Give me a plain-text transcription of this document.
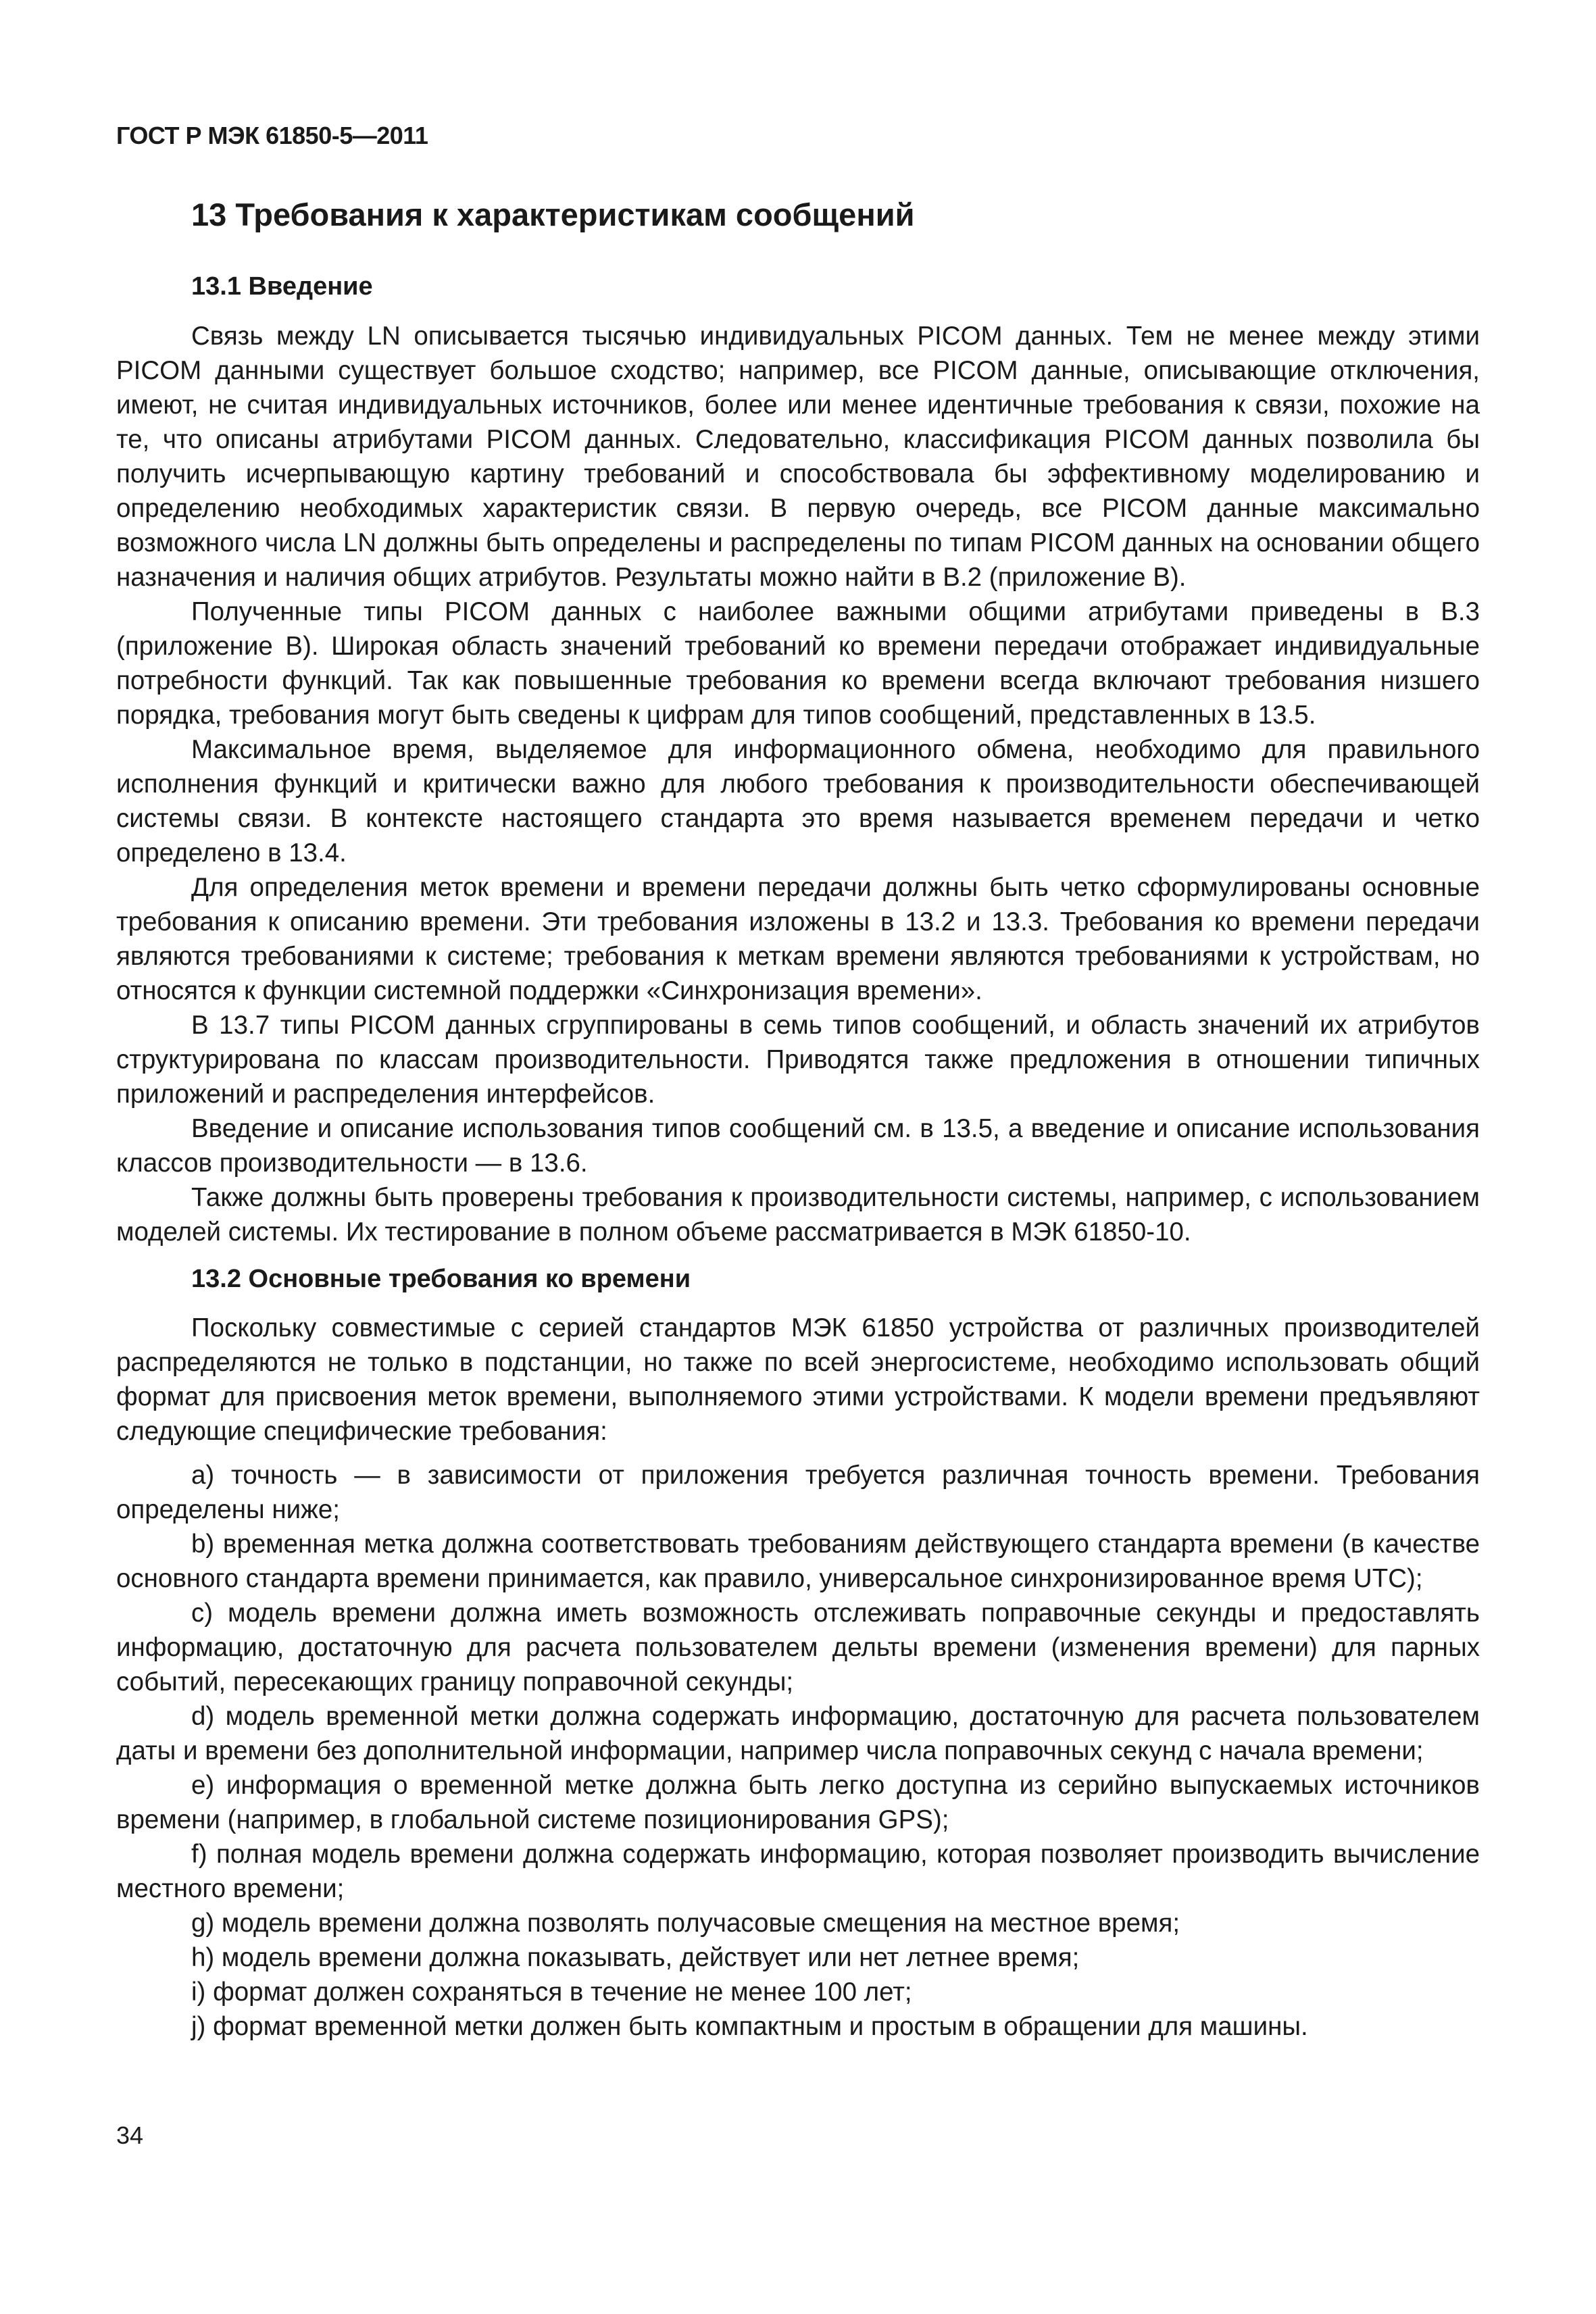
ГОСТ Р МЭК 61850-5—2011
13 Требования к характеристикам сообщений
13.1 Введение

Связь между LN описывается тысячью индивидуальных PICOM данных. Тем не менее между этими PICOM данными существует большое сходство; например, все PICOM данные, описывающие отключения, имеют, не считая индивидуальных источников, более или менее идентичные требования к связи, похожие на те, что описаны атрибутами PICOM данных. Следовательно, классификация PICOM данных позволила бы получить исчерпывающую картину требований и способствовала бы эффективному моделированию и определению необходимых характеристик связи. В первую очередь, все PICOM данные максимально возможного числа LN должны быть определены и распределены по типам PICOM данных на основании общего назначения и наличия общих атрибутов. Результаты можно найти в В.2 (приложение В).

Полученные типы PICOM данных с наиболее важными общими атрибутами приведены в В.3 (приложение В). Широкая область значений требований ко времени передачи отображает индивидуальные потребности функций. Так как повышенные требования ко времени всегда включают требования низшего порядка, требования могут быть сведены к цифрам для типов сообщений, представленных в 13.5.

Максимальное время, выделяемое для информационного обмена, необходимо для правильного исполнения функций и критически важно для любого требования к производительности обеспечивающей системы связи. В контексте настоящего стандарта это время называется временем передачи и четко определено в 13.4.

Для определения меток времени и времени передачи должны быть четко сформулированы основные требования к описанию времени. Эти требования изложены в 13.2 и 13.3. Требования ко времени передачи являются требованиями к системе; требования к меткам времени являются требованиями к устройствам, но относятся к функции системной поддержки «Синхронизация времени».

В 13.7 типы PICOM данных сгруппированы в семь типов сообщений, и область значений их атрибутов структурирована по классам производительности. Приводятся также предложения в отношении типичных приложений и распределения интерфейсов.

Введение и описание использования типов сообщений см. в 13.5, а введение и описание использования классов производительности — в 13.6.

Также должны быть проверены требования к производительности системы, например, с использованием моделей системы. Их тестирование в полном объеме рассматривается в МЭК 61850-10.

13.2 Основные требования ко времени

Поскольку совместимые с серией стандартов МЭК 61850 устройства от различных производителей распределяются не только в подстанции, но также по всей энергосистеме, необходимо использовать общий формат для присвоения меток времени, выполняемого этими устройствами. К модели времени предъявляют следующие специфические требования:

а) точность — в зависимости от приложения требуется различная точность времени. Требования определены ниже;

b) временная метка должна соответствовать требованиям действующего стандарта времени (в качестве основного стандарта времени принимается, как правило, универсальное синхронизированное время UTC);

c) модель времени должна иметь возможность отслеживать поправочные секунды и предоставлять информацию, достаточную для расчета пользователем дельты времени (изменения времени) для парных событий, пересекающих границу поправочной секунды;

d) модель временной метки должна содержать информацию, достаточную для расчета пользователем даты и времени без дополнительной информации, например числа поправочных секунд с начала времени;

e) информация о временной метке должна быть легко доступна из серийно выпускаемых источников времени (например, в глобальной системе позиционирования GPS);

f) полная модель времени должна содержать информацию, которая позволяет производить вычисление местного времени;

g) модель времени должна позволять получасовые смещения на местное время;

h) модель времени должна показывать, действует или нет летнее время;

i) формат должен сохраняться в течение не менее 100 лет;

j) формат временной метки должен быть компактным и простым в обращении для машины.

34
